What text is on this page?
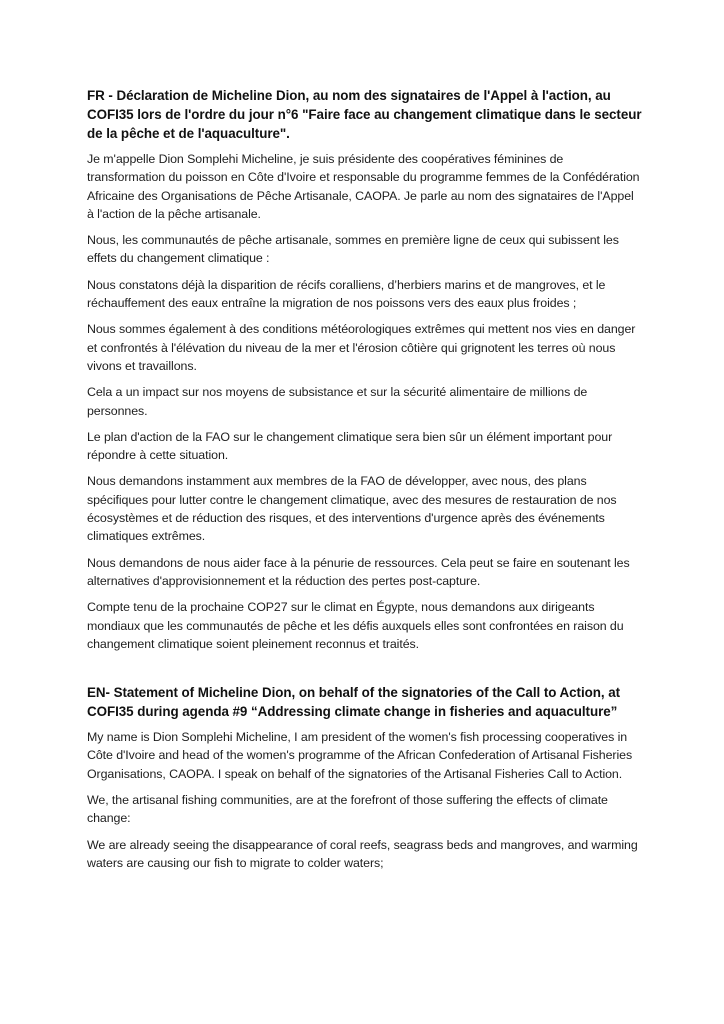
FR - Déclaration de Micheline Dion, au nom des signataires de l'Appel à l'action, au COFI35 lors de l'ordre du jour n°6 "Faire face au changement climatique dans le secteur de la pêche et de l'aquaculture".

Je m'appelle Dion Somplehi Micheline, je suis présidente des coopératives féminines de transformation du poisson en Côte d'Ivoire et responsable du programme femmes de la Confédération Africaine des Organisations de Pêche Artisanale, CAOPA. Je parle au nom des signataires de l'Appel à l'action de la pêche artisanale.

Nous, les communautés de pêche artisanale, sommes en première ligne de ceux qui subissent les effets du changement climatique :

Nous constatons déjà la disparition de récifs coralliens, d’herbiers marins et de mangroves, et le réchauffement des eaux entraîne la migration de nos poissons vers des eaux plus froides ;

Nous sommes également à des conditions météorologiques extrêmes qui mettent nos vies en danger et confrontés à l'élévation du niveau de la mer et l'érosion côtière qui grignotent les terres où nous vivons et travaillons.

Cela a un impact sur nos moyens de subsistance et sur la sécurité alimentaire de millions de personnes.

Le plan d'action de la FAO sur le changement climatique sera bien sûr un élément important pour répondre à cette situation.

Nous demandons instamment aux membres de la FAO de développer, avec nous, des plans spécifiques pour lutter contre le changement climatique, avec des mesures de restauration de nos écosystèmes et de réduction des risques, et des interventions d'urgence après des événements climatiques extrêmes.

Nous demandons de nous aider face à la pénurie de ressources. Cela peut se faire en soutenant les alternatives d'approvisionnement et la réduction des pertes post-capture.

Compte tenu de la prochaine COP27 sur le climat en Égypte, nous demandons aux dirigeants mondiaux que les communautés de pêche et les défis auxquels elles sont confrontées en raison du changement climatique soient pleinement reconnus et traités.

EN- Statement of Micheline Dion, on behalf of the signatories of the Call to Action, at COFI35 during agenda #9 “Addressing climate change in fisheries and aquaculture”

My name is Dion Somplehi Micheline, I am president of the women's fish processing cooperatives in Côte d'Ivoire and head of the women's programme of the African Confederation of Artisanal Fisheries Organisations, CAOPA. I speak on behalf of the signatories of the Artisanal Fisheries Call to Action.

We, the artisanal fishing communities, are at the forefront of those suffering the effects of climate change:

We are already seeing the disappearance of coral reefs, seagrass beds and mangroves, and warming waters are causing our fish to migrate to colder waters;
